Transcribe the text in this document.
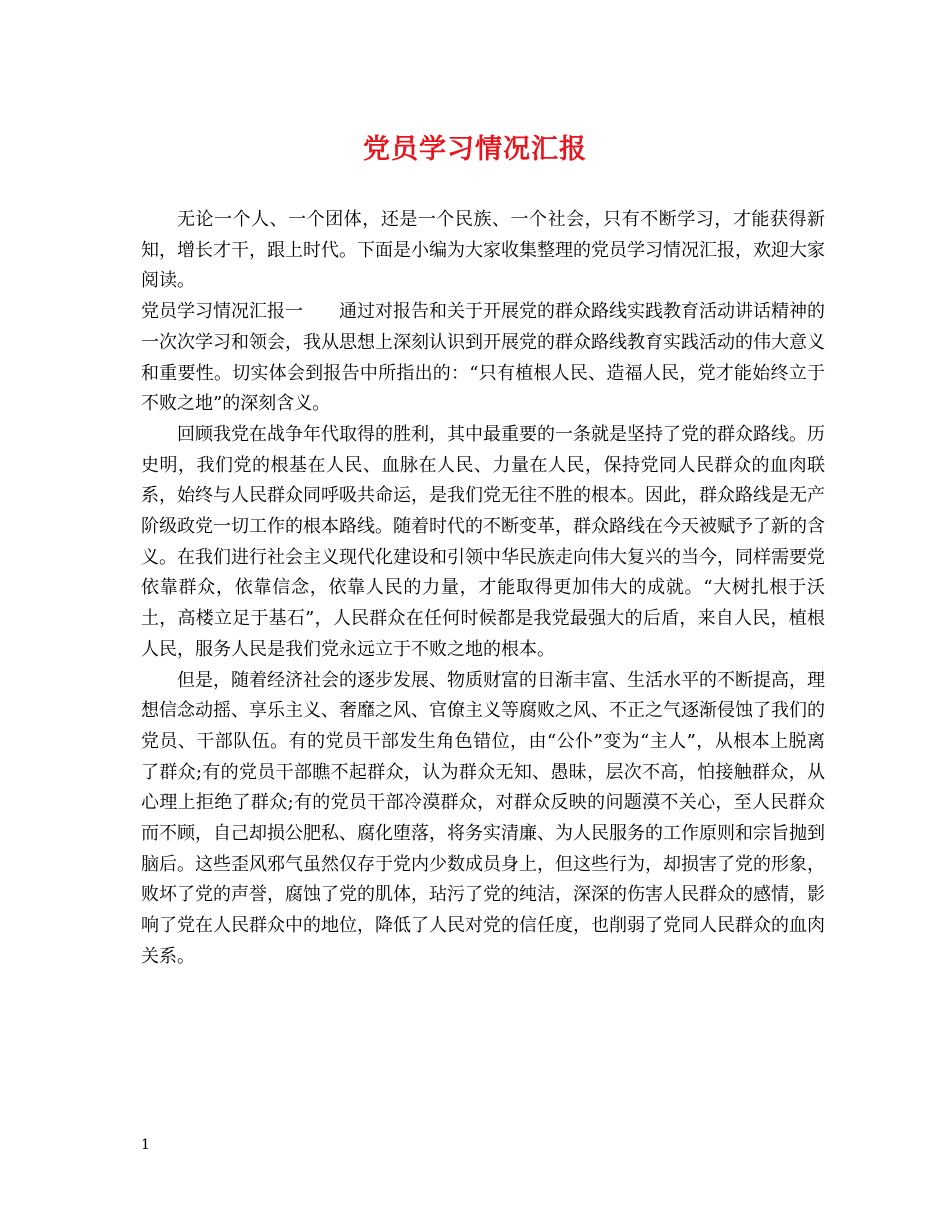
党员学习情况汇报

无论一个人、一个团体，还是一个民族、一个社会，只有不断学习，才能获得新知，增长才干，跟上时代。下面是小编为大家收集整理的党员学习情况汇报，欢迎大家阅读。

党员学习情况汇报一　　通过对报告和关于开展党的群众路线实践教育活动讲话精神的一次次学习和领会，我从思想上深刻认识到开展党的群众路线教育实践活动的伟大意义和重要性。切实体会到报告中所指出的：“只有植根人民、造福人民，党才能始终立于不败之地”的深刻含义。

回顾我党在战争年代取得的胜利，其中最重要的一条就是坚持了党的群众路线。历史明，我们党的根基在人民、血脉在人民、力量在人民，保持党同人民群众的血肉联系，始终与人民群众同呼吸共命运，是我们党无往不胜的根本。因此，群众路线是无产阶级政党一切工作的根本路线。随着时代的不断变革，群众路线在今天被赋予了新的含义。在我们进行社会主义现代化建设和引领中华民族走向伟大复兴的当今，同样需要党依靠群众，依靠信念，依靠人民的力量，才能取得更加伟大的成就。“大树扎根于沃土，高楼立足于基石”，人民群众在任何时候都是我党最强大的后盾，来自人民，植根人民，服务人民是我们党永远立于不败之地的根本。

但是，随着经济社会的逐步发展、物质财富的日渐丰富、生活水平的不断提高，理想信念动摇、享乐主义、奢靡之风、官僚主义等腐败之风、不正之气逐渐侵蚀了我们的党员、干部队伍。有的党员干部发生角色错位，由“公仆”变为“主人”，从根本上脱离了群众;有的党员干部瞧不起群众，认为群众无知、愚昧，层次不高，怕接触群众，从心理上拒绝了群众;有的党员干部冷漠群众，对群众反映的问题漠不关心，至人民群众而不顾，自己却损公肥私、腐化堕落，将务实清廉、为人民服务的工作原则和宗旨抛到脑后。这些歪风邪气虽然仅存于党内少数成员身上，但这些行为，却损害了党的形象，败坏了党的声誉，腐蚀了党的肌体，玷污了党的纯洁，深深的伤害人民群众的感情，影响了党在人民群众中的地位，降低了人民对党的信任度，也削弱了党同人民群众的血肉关系。

1
